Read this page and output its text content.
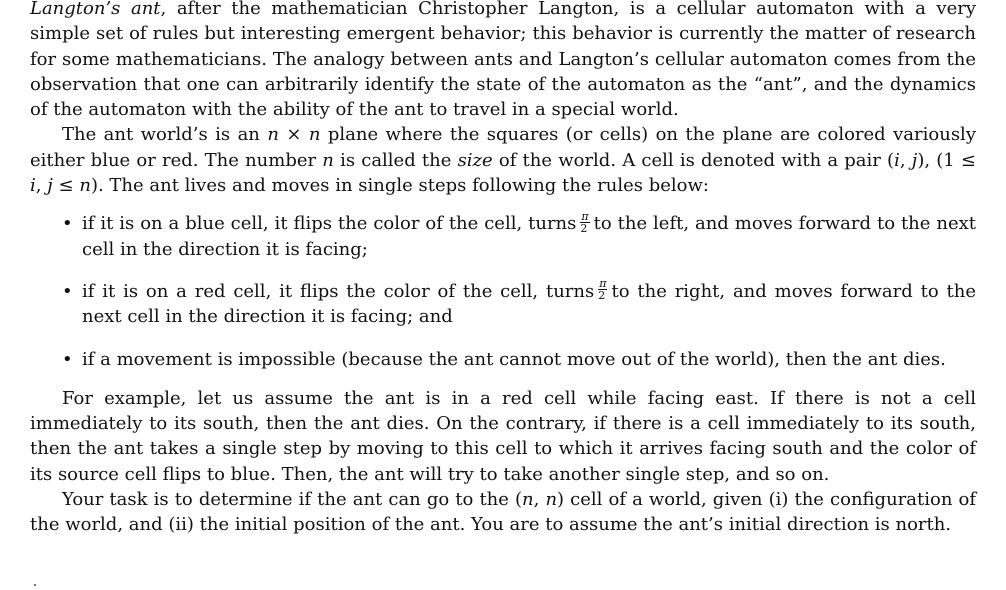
Langton’s ant, after the mathematician Christopher Langton, is a cellular automaton with a very simple set of rules but interesting emergent behavior; this behavior is currently the matter of research for some mathematicians. The analogy between ants and Langton’s cellular automaton comes from the observation that one can arbitrarily identify the state of the automaton as the “ant”, and the dynamics of the automaton with the ability of the ant to travel in a special world.

The ant world’s is an n × n plane where the squares (or cells) on the plane are colored variously either blue or red. The number n is called the size of the world. A cell is denoted with a pair (i, j), (1 ≤ i, j ≤ n). The ant lives and moves in single steps following the rules below:

• if it is on a blue cell, it flips the color of the cell, turns $\frac{\pi}{2}$ to the left, and moves forward to the next cell in the direction it is facing;
• if it is on a red cell, it flips the color of the cell, turns $\frac{\pi}{2}$ to the right, and moves forward to the next cell in the direction it is facing; and
• if a movement is impossible (because the ant cannot move out of the world), then the ant dies.

For example, let us assume the ant is in a red cell while facing east. If there is not a cell immediately to its south, then the ant dies. On the contrary, if there is a cell immediately to its south, then the ant takes a single step by moving to this cell to which it arrives facing south and the color of its source cell flips to blue. Then, the ant will try to take another single step, and so on.

Your task is to determine if the ant can go to the (n, n) cell of a world, given (i) the configuration of the world, and (ii) the initial position of the ant. You are to assume the ant’s initial direction is north.
